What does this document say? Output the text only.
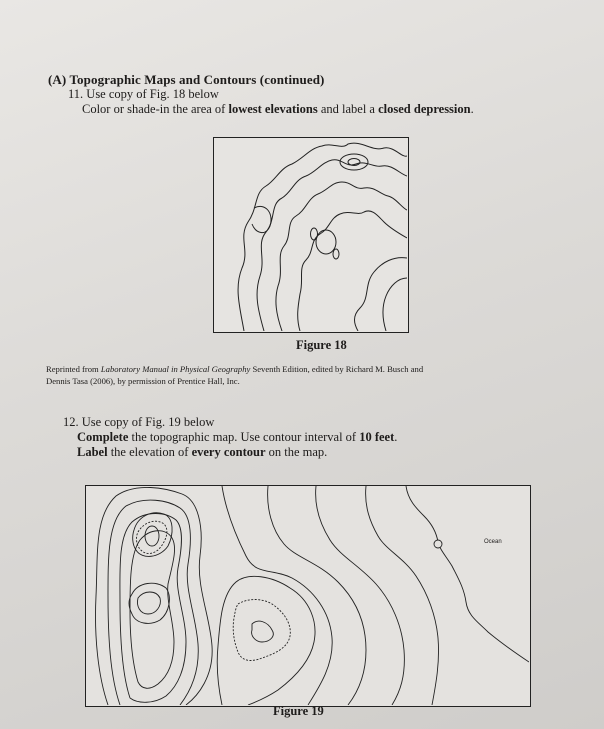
(A) Topographic Maps and Contours (continued)
11. Use copy of Fig. 18 below
Color or shade-in the area of lowest elevations and label a closed depression.
Figure 18
Reprinted from Laboratory Manual in Physical Geography Seventh Edition, edited by Richard M. Busch and
Dennis Tasa (2006), by permission of Prentice Hall, Inc.
12. Use copy of Fig. 19 below
Complete the topographic map. Use contour interval of 10 feet.
Label the elevation of every contour on the map.
Ocean
Figure 19
